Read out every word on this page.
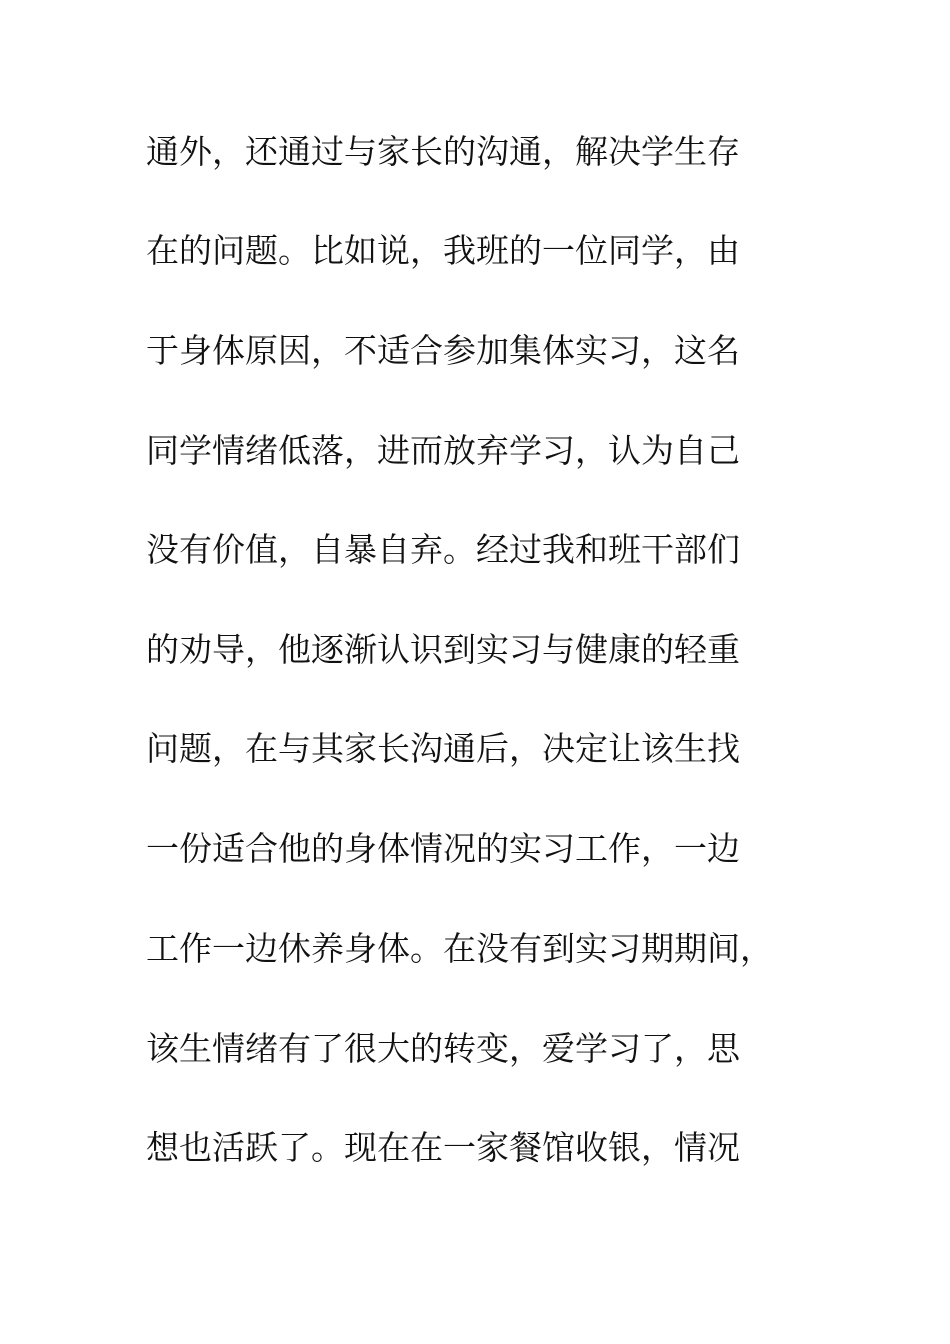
通外，还通过与家长的沟通，解决学生存
在的问题。比如说，我班的一位同学，由
于身体原因，不适合参加集体实习，这名
同学情绪低落，进而放弃学习，认为自己
没有价值，自暴自弃。经过我和班干部们
的劝导，他逐渐认识到实习与健康的轻重
问题，在与其家长沟通后，决定让该生找
一份适合他的身体情况的实习工作，一边
工作一边休养身体。在没有到实习期期间，
该生情绪有了很大的转变，爱学习了，思
想也活跃了。现在在一家餐馆收银，情况
